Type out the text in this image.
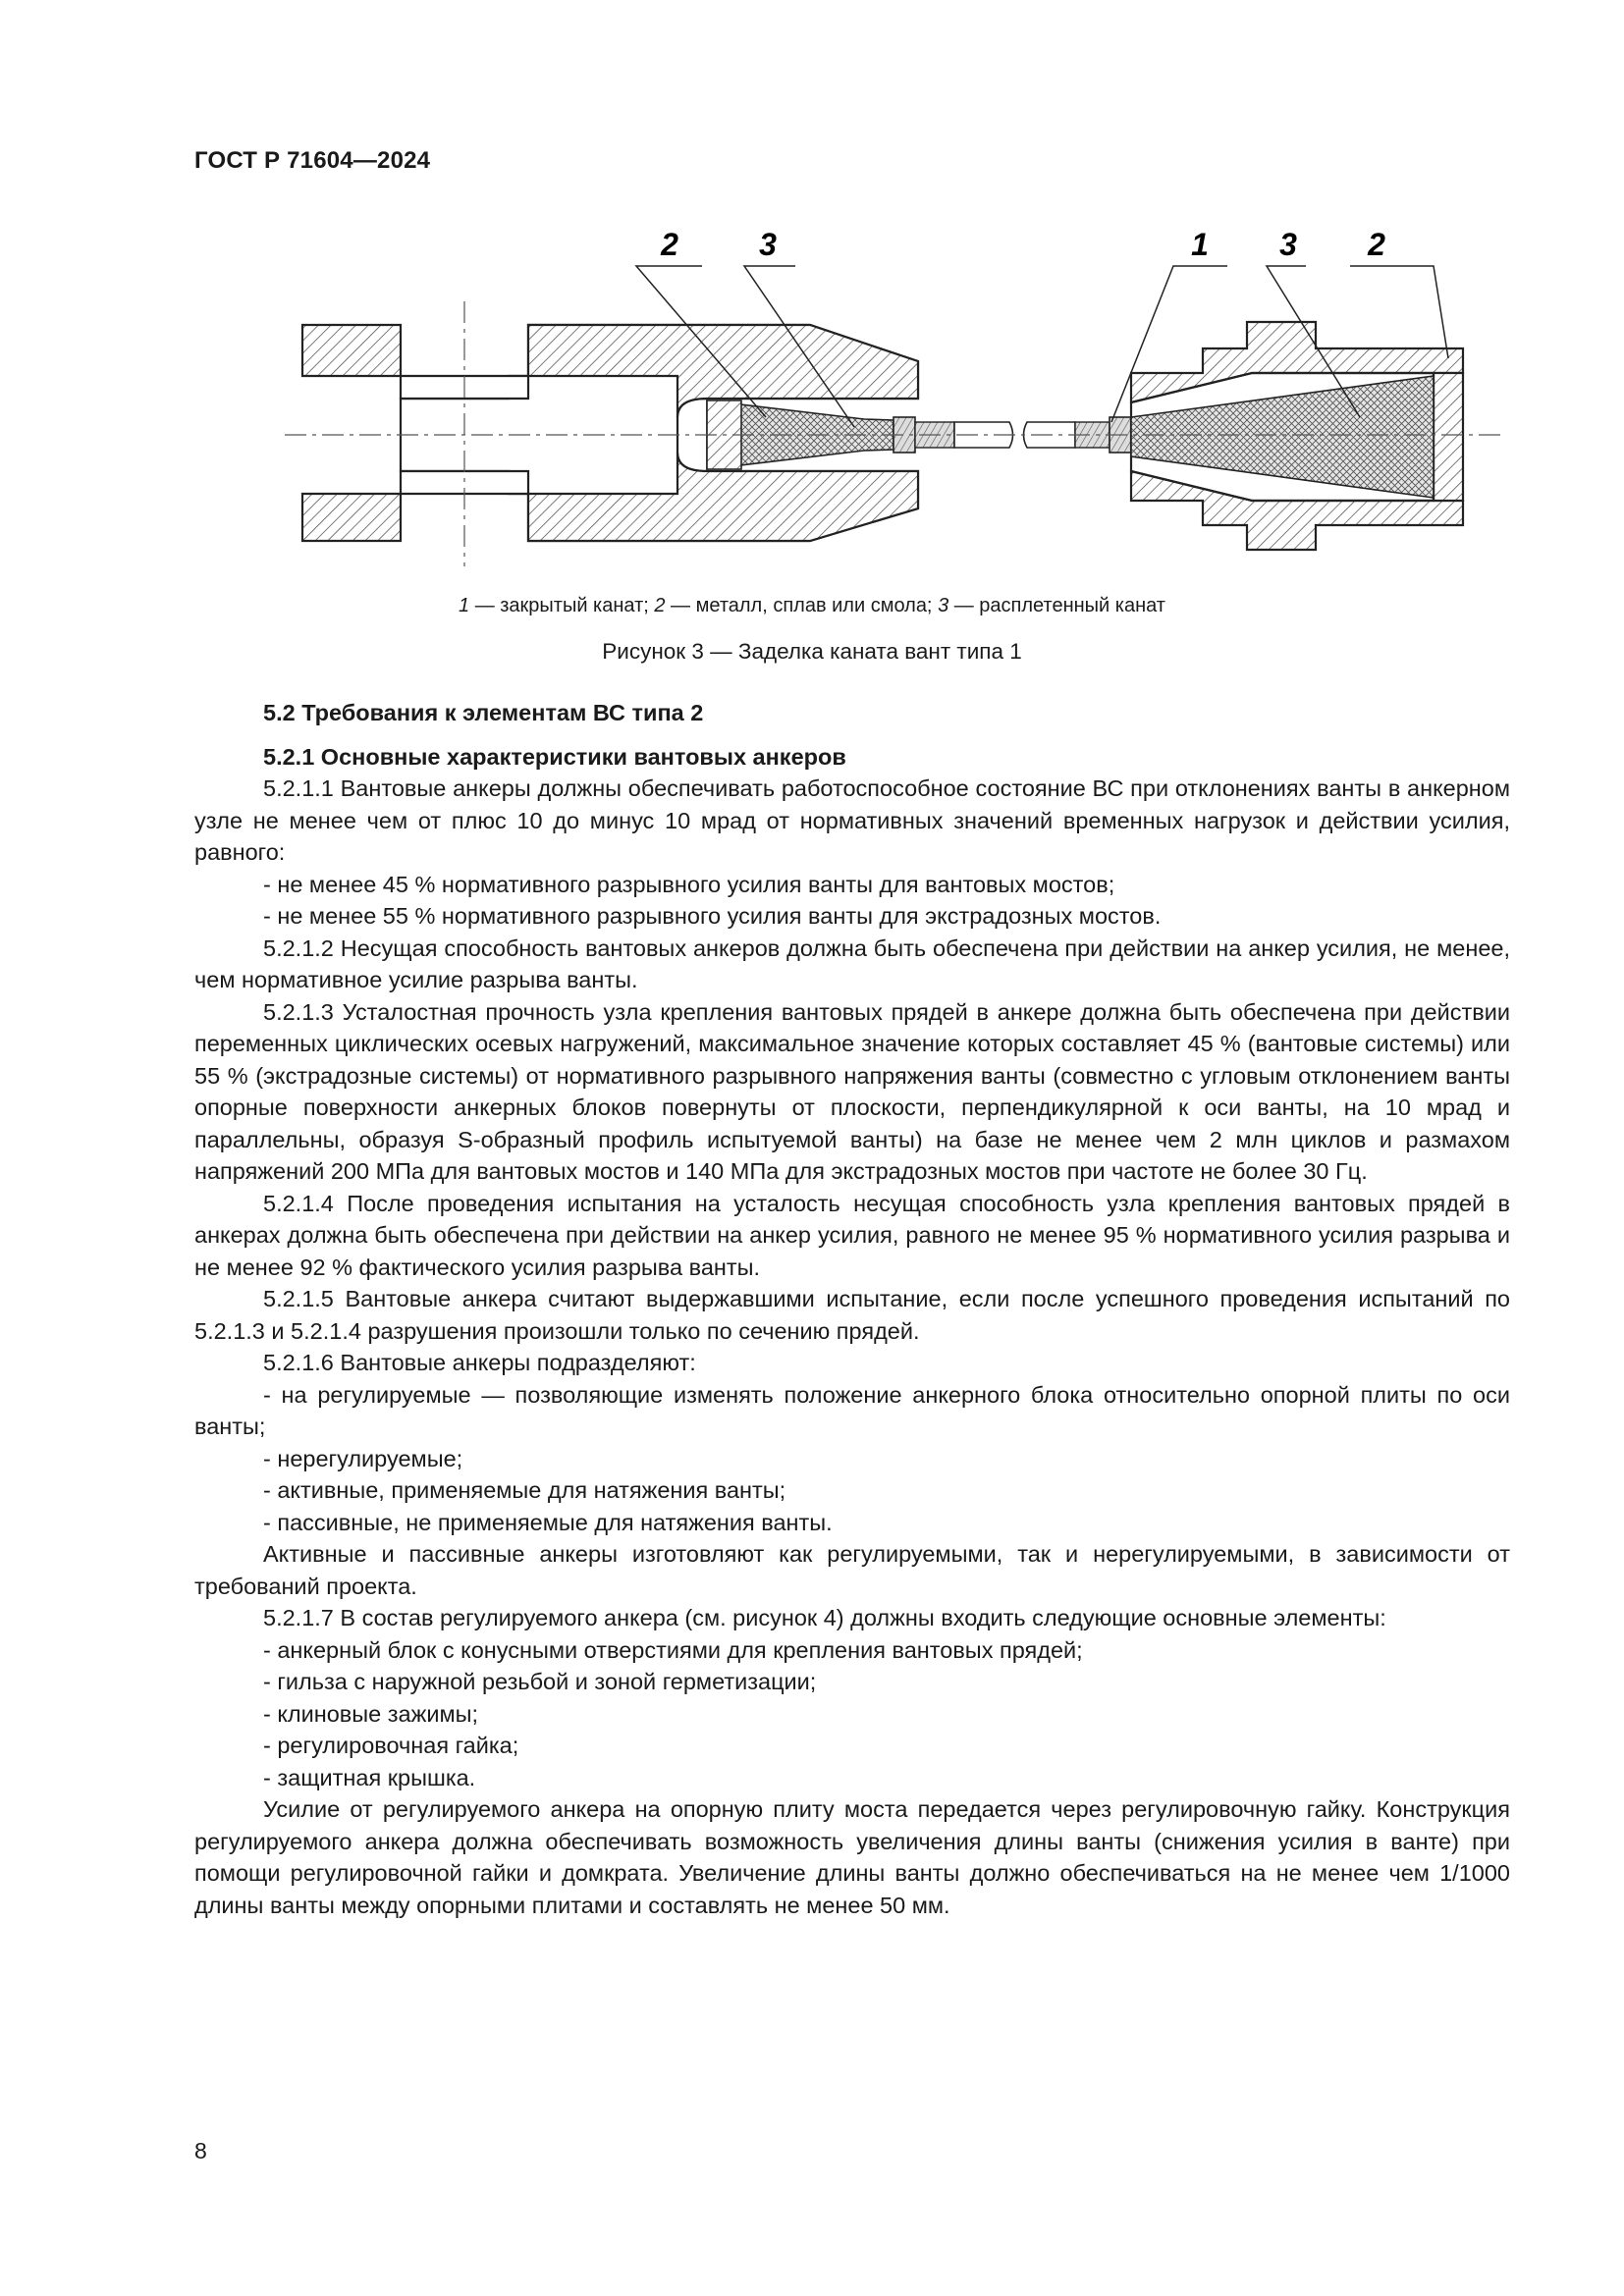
ГОСТ Р 71604—2024
2	3	1 3 2
1 — закрытый канат; 2 — металл, сплав или смола; 3 — расплетенный канат
Рисунок 3 — Заделка каната вант типа 1

5.2 Требования к элементам ВС типа 2

5.2.1 Основные характеристики вантовых анкеров

5.2.1.1 Вантовые анкеры должны обеспечивать работоспособное состояние ВС при отклонениях ванты в анкерном узле не менее чем от плюс 10 до минус 10 мрад от нормативных значений временных нагрузок и действии усилия, равного:

- не менее 45 % нормативного разрывного усилия ванты для вантовых мостов;

- не менее 55 % нормативного разрывного усилия ванты для экстрадозных мостов.

5.2.1.2 Несущая способность вантовых анкеров должна быть обеспечена при действии на анкер усилия, не менее, чем нормативное усилие разрыва ванты.

5.2.1.3 Усталостная прочность узла крепления вантовых прядей в анкере должна быть обеспечена при действии переменных циклических осевых нагружений, максимальное значение которых составляет 45 % (вантовые системы) или 55 % (экстрадозные системы) от нормативного разрывного напряжения ванты (совместно с угловым отклонением ванты опорные поверхности анкерных блоков повернуты от плоскости, перпендикулярной к оси ванты, на 10 мрад и параллельны, образуя S-образный профиль испытуемой ванты) на базе не менее чем 2 млн циклов и размахом напряжений 200 МПа для вантовых мостов и 140 МПа для экстрадозных мостов при частоте не более 30 Гц.

5.2.1.4 После проведения испытания на усталость несущая способность узла крепления вантовых прядей в анкерах должна быть обеспечена при действии на анкер усилия, равного не менее 95 % нормативного усилия разрыва и не менее 92 % фактического усилия разрыва ванты.

5.2.1.5 Вантовые анкера считают выдержавшими испытание, если после успешного проведения испытаний по 5.2.1.3 и 5.2.1.4 разрушения произошли только по сечению прядей.

5.2.1.6 Вантовые анкеры подразделяют:

- на регулируемые — позволяющие изменять положение анкерного блока относительно опорной плиты по оси ванты;

- нерегулируемые;

- активные, применяемые для натяжения ванты;

- пассивные, не применяемые для натяжения ванты.

Активные и пассивные анкеры изготовляют как регулируемыми, так и нерегулируемыми, в зависимости от требований проекта.

5.2.1.7 В состав регулируемого анкера (см. рисунок 4) должны входить следующие основные элементы:

- анкерный блок с конусными отверстиями для крепления вантовых прядей;

- гильза с наружной резьбой и зоной герметизации;

- клиновые зажимы;

- регулировочная гайка;

- защитная крышка.

Усилие от регулируемого анкера на опорную плиту моста передается через регулировочную гайку. Конструкция регулируемого анкера должна обеспечивать возможность увеличения длины ванты (снижения усилия в ванте) при помощи регулировочной гайки и домкрата. Увеличение длины ванты должно обеспечиваться на не менее чем 1/1000 длины ванты между опорными плитами и составлять не менее 50 мм.

8
